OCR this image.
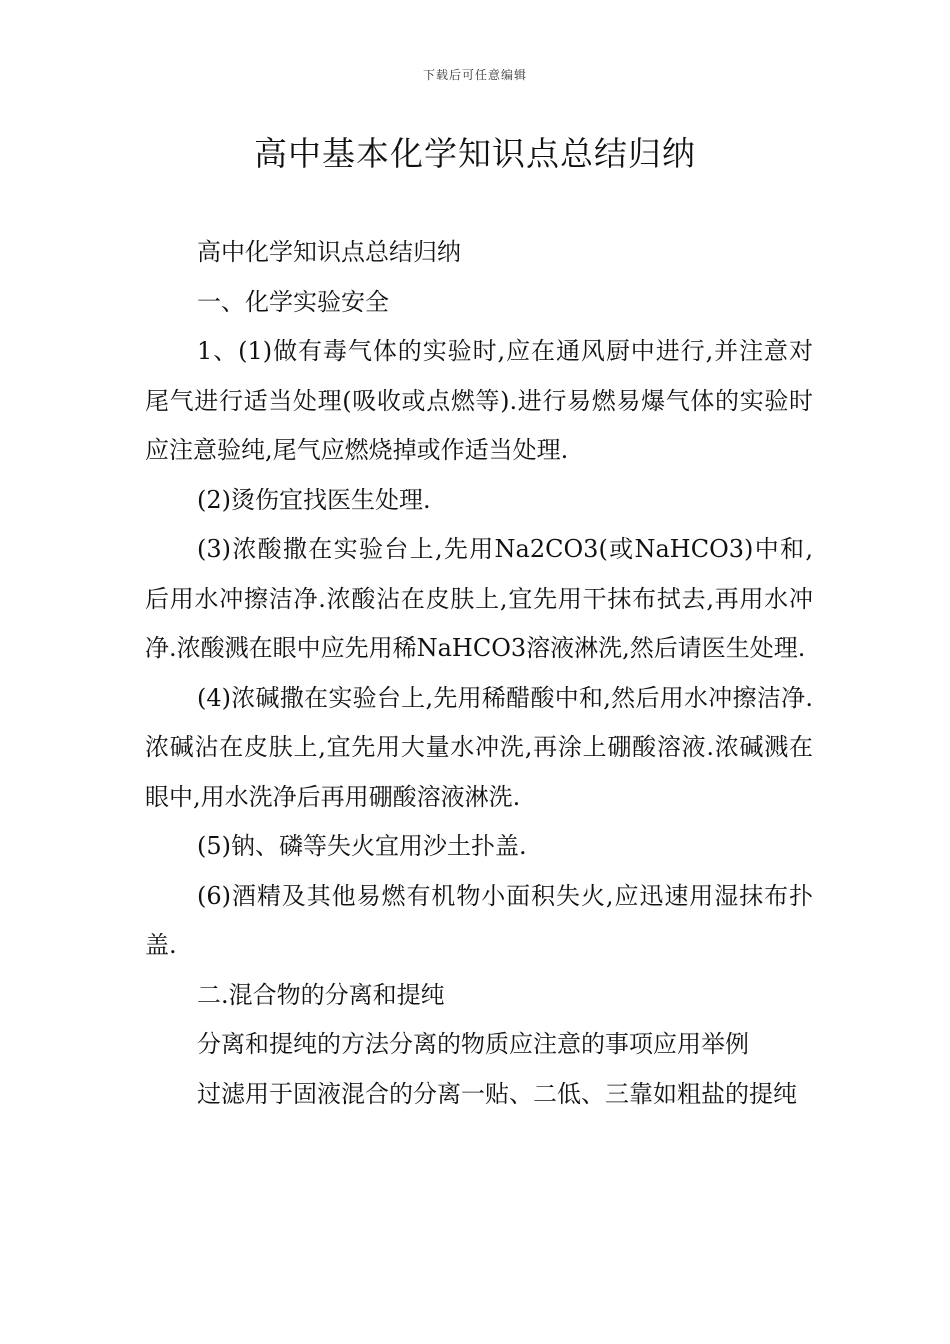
下载后可任意编辑
高中基本化学知识点总结归纳

高中化学知识点总结归纳

一、化学实验安全

1、(1)做有毒气体的实验时,应在通风厨中进行,并注意对尾气进行适当处理(吸收或点燃等).进行易燃易爆气体的实验时应注意验纯,尾气应燃烧掉或作适当处理.

(2)烫伤宜找医生处理.

(3)浓酸撒在实验台上,先用Na2CO3(或NaHCO3)中和,后用水冲擦洁净.浓酸沾在皮肤上,宜先用干抹布拭去,再用水冲净.浓酸溅在眼中应先用稀NaHCO3溶液淋洗,然后请医生处理.

(4)浓碱撒在实验台上,先用稀醋酸中和,然后用水冲擦洁净.浓碱沾在皮肤上,宜先用大量水冲洗,再涂上硼酸溶液.浓碱溅在眼中,用水洗净后再用硼酸溶液淋洗.

(5)钠、磷等失火宜用沙土扑盖.

(6)酒精及其他易燃有机物小面积失火,应迅速用湿抹布扑盖.

二.混合物的分离和提纯

分离和提纯的方法分离的物质应注意的事项应用举例

过滤用于固液混合的分离一贴、二低、三靠如粗盐的提纯
